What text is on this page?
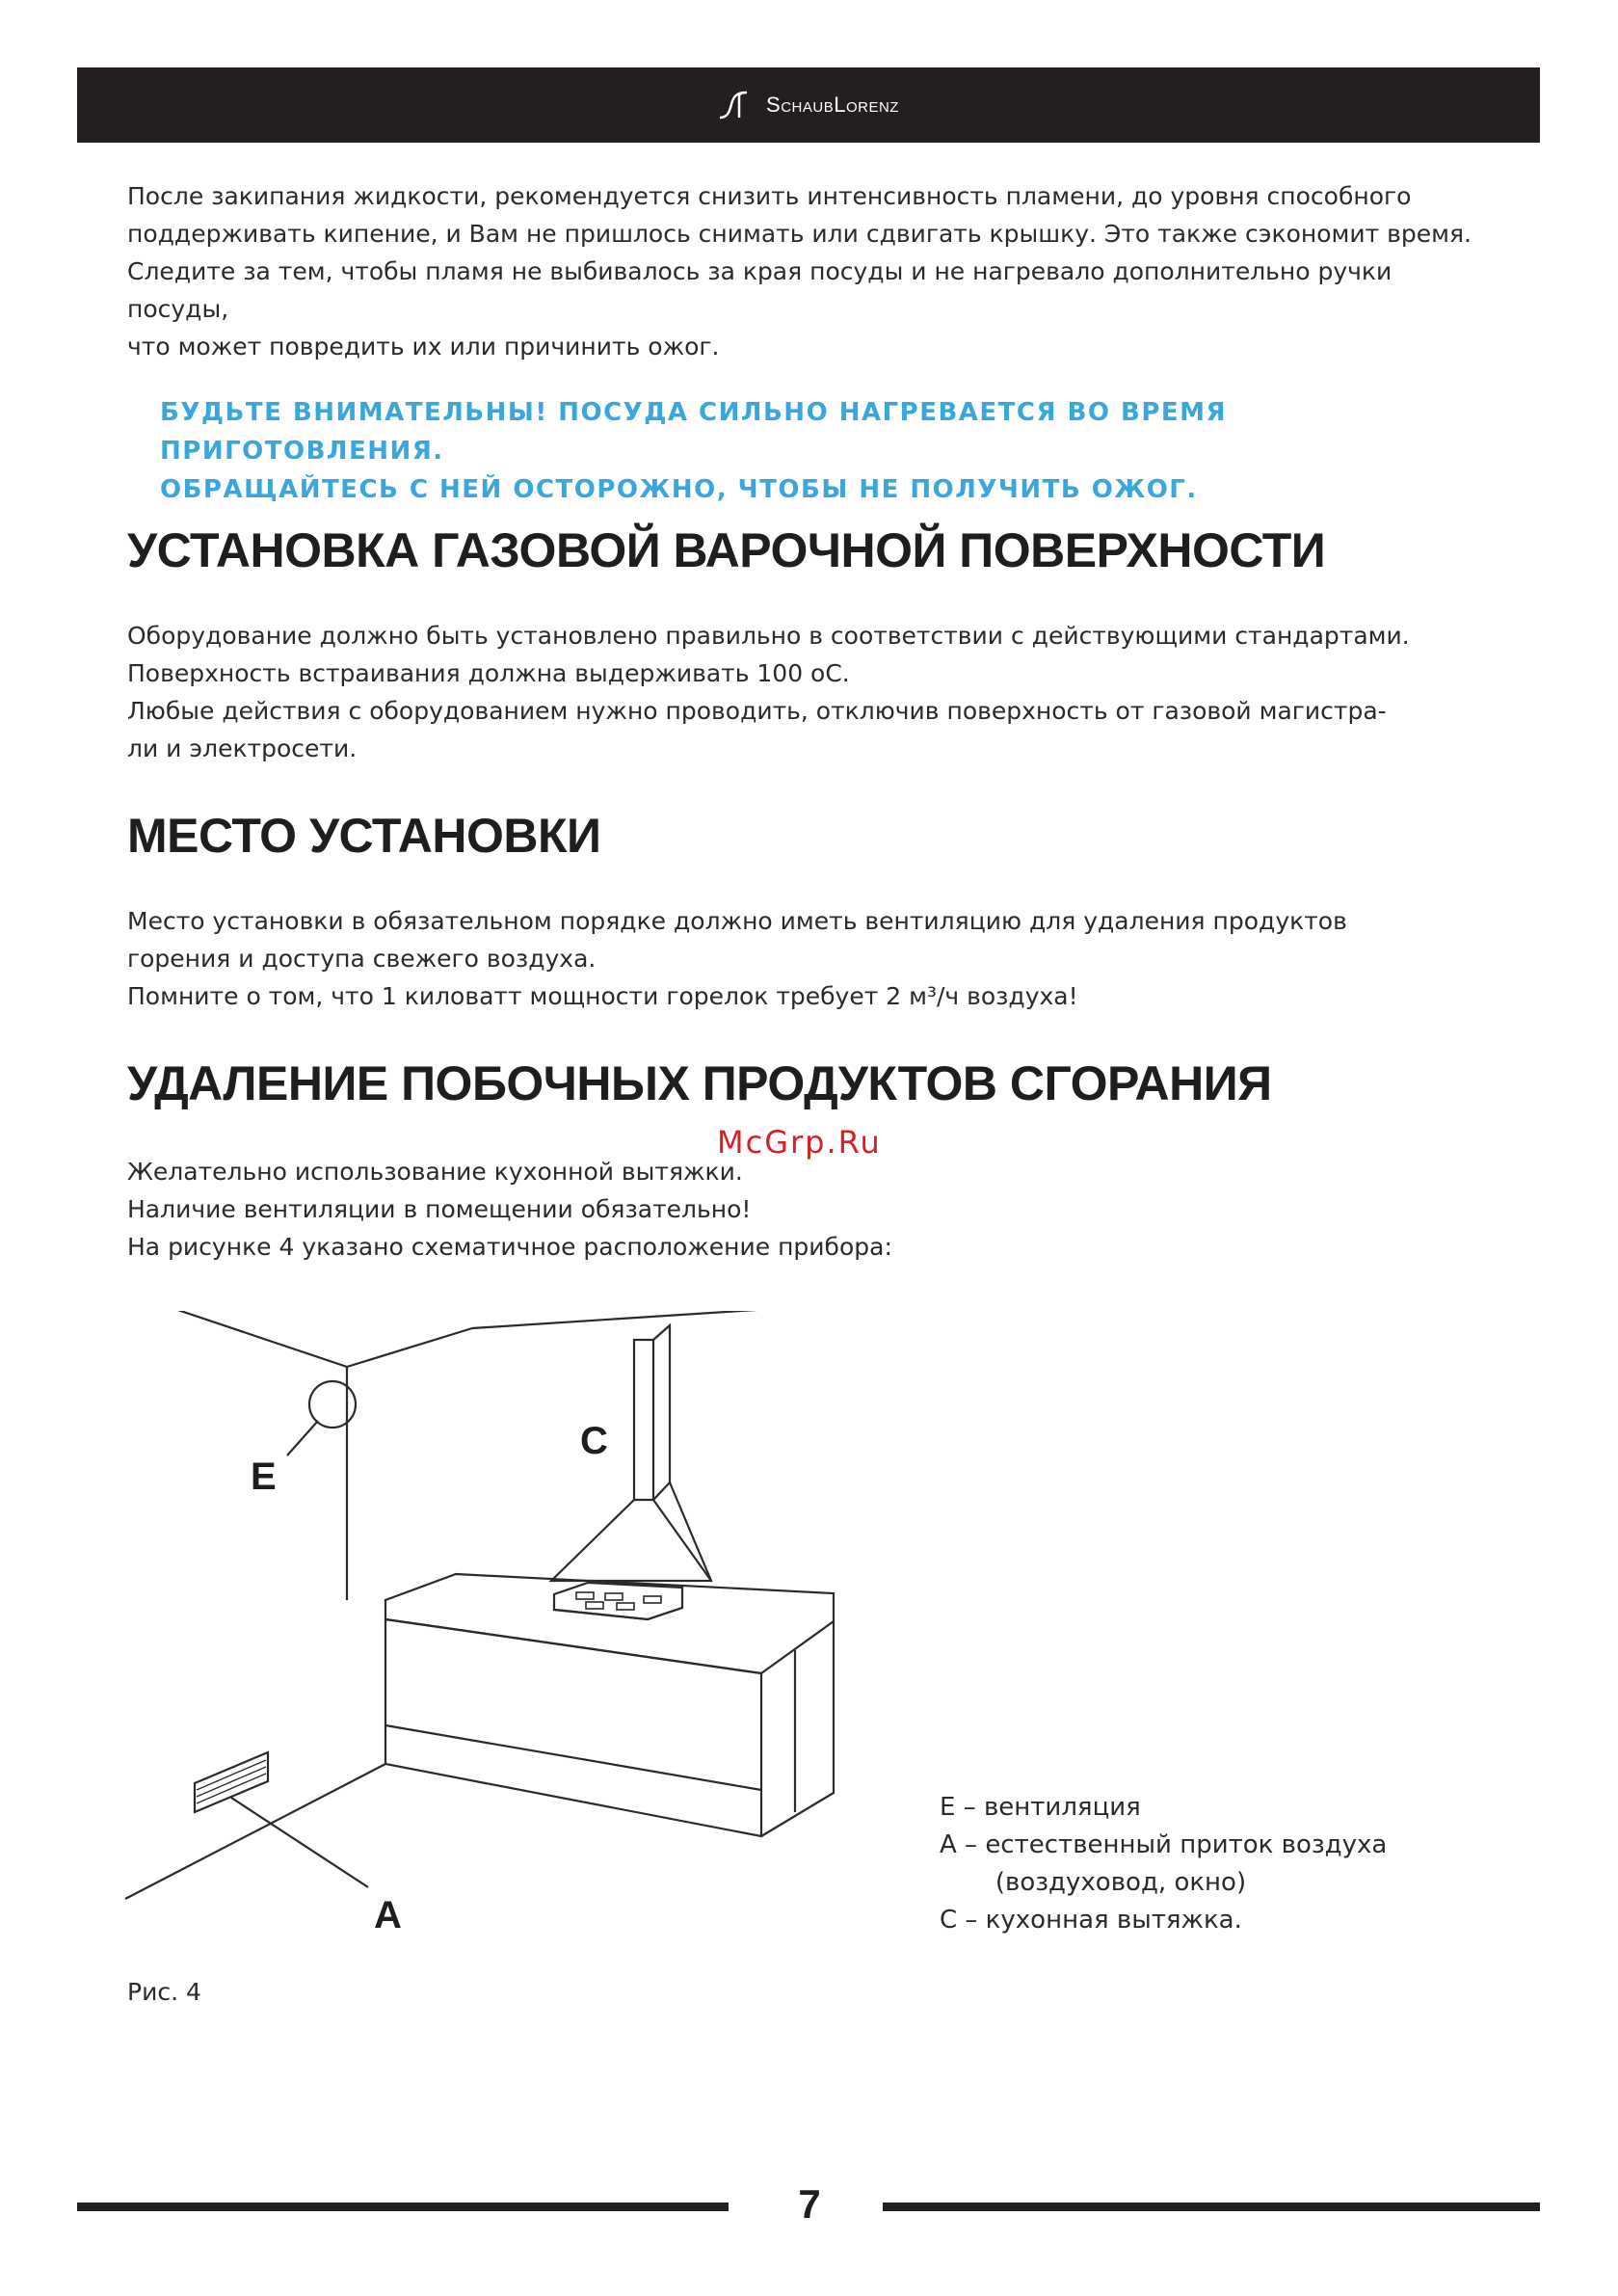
SchaubLorenz

После закипания жидкости, рекомендуется снизить интенсивность пламени, до уровня способного

поддерживать кипение, и Вам не пришлось снимать или сдвигать крышку. Это также сэкономит время.

Следите за тем, чтобы пламя не выбивалось за края посуды и не нагревало дополнительно ручки посуды,

что может повредить их или причинить ожог.

БУДЬТЕ ВНИМАТЕЛЬНЫ! ПОСУДА СИЛЬНО НАГРЕВАЕТСЯ ВО ВРЕМЯ ПРИГОТОВЛЕНИЯ.

ОБРАЩАЙТЕСЬ С НЕЙ ОСТОРОЖНО, ЧТОБЫ НЕ ПОЛУЧИТЬ ОЖОГ.

УСТАНОВКА ГАЗОВОЙ ВАРОЧНОЙ ПОВЕРХНОСТИ

Оборудование должно быть установлено правильно в соответствии с действующими стандартами.

Поверхность встраивания должна выдерживать 100 оС.

Любые действия с оборудованием нужно проводить, отключив поверхность от газовой магистра-

ли и электросети.

МЕСТО УСТАНОВКИ

Место установки в обязательном порядке должно иметь вентиляцию для удаления продуктов

горения и доступа свежего воздуха.

Помните о том, что 1 киловатт мощности горелок требует 2 м³/ч воздуха!

УДАЛЕНИЕ ПОБОЧНЫХ ПРОДУКТОВ СГОРАНИЯ

Желательно использование кухонной вытяжки.

Наличие вентиляции в помещении обязательно!

На рисунке 4 указано схематичное расположение прибора:

McGrp.Ru
E
C
A
E – вентиляция
A – естественный приток воздуха
(воздуховод, окно)
C – кухонная вытяжка.
Рис. 4
7
